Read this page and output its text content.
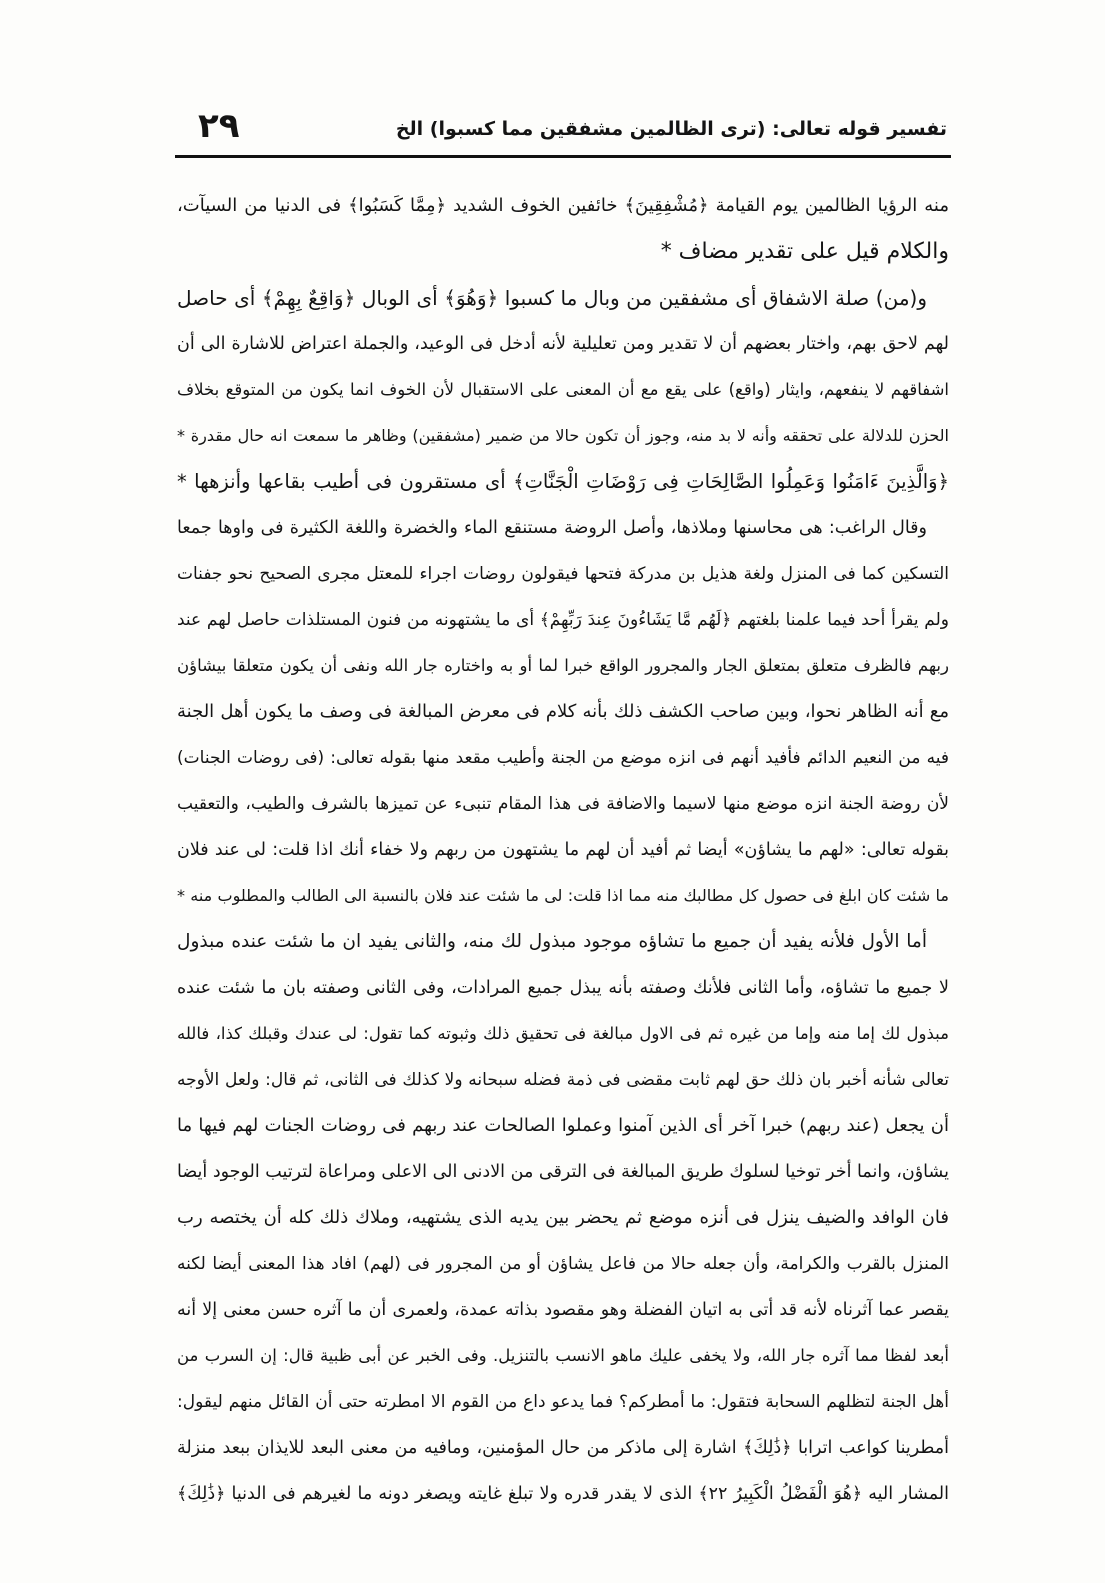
٢٩	تفسير قوله تعالى: (ترى الظالمين مشفقين مما كسبوا) الخ
منه الرؤيا الظالمين يوم القيامة ﴿مُشْفِقِينَ﴾ خائفين الخوف الشديد ﴿مِمَّا كَسَبُوا﴾ فى الدنيا من السيآت،
والكلام قيل على تقدير مضاف *
و(من) صلة الاشفاق أى مشفقين من وبال ما كسبوا ﴿وَهُوَ﴾ أى الوبال ﴿وَاقِعٌ بِهِمْ﴾ أى حاصل
لهم لاحق بهم، واختار بعضهم أن لا تقدير ومن تعليلية لأنه أدخل فى الوعيد، والجملة اعتراض للاشارة الى أن
اشفاقهم لا ينفعهم، وايثار (واقع) على يقع مع أن المعنى على الاستقبال لأن الخوف انما يكون من المتوقع بخلاف
الحزن للدلالة على تحققه وأنه لا بد منه، وجوز أن تكون حالا من ضمير (مشفقين) وظاهر ما سمعت انه حال مقدرة *
﴿وَالَّذِينَ ءَامَنُوا وَعَمِلُوا الصَّالِحَاتِ فِى رَوْضَاتِ الْجَنَّاتِ﴾ أى مستقرون فى أطيب بقاعها وأنزهها *
وقال الراغب: هى محاسنها وملاذها، وأصل الروضة مستنقع الماء والخضرة واللغة الكثيرة فى واوها جمعا
التسكين كما فى المنزل ولغة هذيل بن مدركة فتحها فيقولون روضات اجراء للمعتل مجرى الصحيح نحو جفنات
ولم يقرأ أحد فيما علمنا بلغتهم ﴿لَهُم مَّا يَشَاءُونَ عِندَ رَبِّهِمْ﴾ أى ما يشتهونه من فنون المستلذات حاصل لهم عند
ربهم فالظرف متعلق بمتعلق الجار والمجرور الواقع خبرا لما أو به واختاره جار الله ونفى أن يكون متعلقا بيشاؤن
مع أنه الظاهر نحوا، وبين صاحب الكشف ذلك بأنه كلام فى معرض المبالغة فى وصف ما يكون أهل الجنة
فيه من النعيم الدائم فأفيد أنهم فى انزه موضع من الجنة وأطيب مقعد منها بقوله تعالى: (فى روضات الجنات)
لأن روضة الجنة انزه موضع منها لاسيما والاضافة فى هذا المقام تنبىء عن تميزها بالشرف والطيب، والتعقيب
بقوله تعالى: «لهم ما يشاؤن» أيضا ثم أفيد أن لهم ما يشتهون من ربهم ولا خفاء أنك اذا قلت: لى عند فلان
ما شئت كان ابلغ فى حصول كل مطالبك منه مما اذا قلت: لى ما شئت عند فلان بالنسبة الى الطالب والمطلوب منه *
أما الأول فلأنه يفيد أن جميع ما تشاؤه موجود مبذول لك منه، والثانى يفيد ان ما شئت عنده مبذول
لا جميع ما تشاؤه، وأما الثانى فلأنك وصفته بأنه يبذل جميع المرادات، وفى الثانى وصفته بان ما شئت عنده
مبذول لك إما منه وإما من غيره ثم فى الاول مبالغة فى تحقيق ذلك وثبوته كما تقول: لى عندك وقبلك كذا، فالله
تعالى شأنه أخبر بان ذلك حق لهم ثابت مقضى فى ذمة فضله سبحانه ولا كذلك فى الثانى، ثم قال: ولعل الأوجه
أن يجعل (عند ربهم) خبرا آخر أى الذين آمنوا وعملوا الصالحات عند ربهم فى روضات الجنات لهم فيها ما
يشاؤن، وانما أخر توخيا لسلوك طريق المبالغة فى الترقى من الادنى الى الاعلى ومراعاة لترتيب الوجود أيضا
فان الوافد والضيف ينزل فى أنزه موضع ثم يحضر بين يديه الذى يشتهيه، وملاك ذلك كله أن يختصه رب
المنزل بالقرب والكرامة، وأن جعله حالا من فاعل يشاؤن أو من المجرور فى (لهم) افاد هذا المعنى أيضا لكنه
يقصر عما آثرناه لأنه قد أتى به اتيان الفضلة وهو مقصود بذاته عمدة، ولعمرى أن ما آثره حسن معنى إلا أنه
أبعد لفظا مما آثره جار الله، ولا يخفى عليك ماهو الانسب بالتنزيل. وفى الخبر عن أبى ظبية قال: إن السرب من
أهل الجنة لتظلهم السحابة فتقول: ما أمطركم؟ فما يدعو داع من القوم الا امطرته حتى أن القائل منهم ليقول:
أمطرينا كواعب اترابا ﴿ذَٰلِكَ﴾ اشارة إلى ماذكر من حال المؤمنين، ومافيه من معنى البعد للايذان ببعد منزلة
المشار اليه ﴿هُوَ الْفَضْلُ الْكَبِيرُ ٢٢﴾ الذى لا يقدر قدره ولا تبلغ غايته ويصغر دونه ما لغيرهم فى الدنيا ﴿ذَٰلِكَ﴾
